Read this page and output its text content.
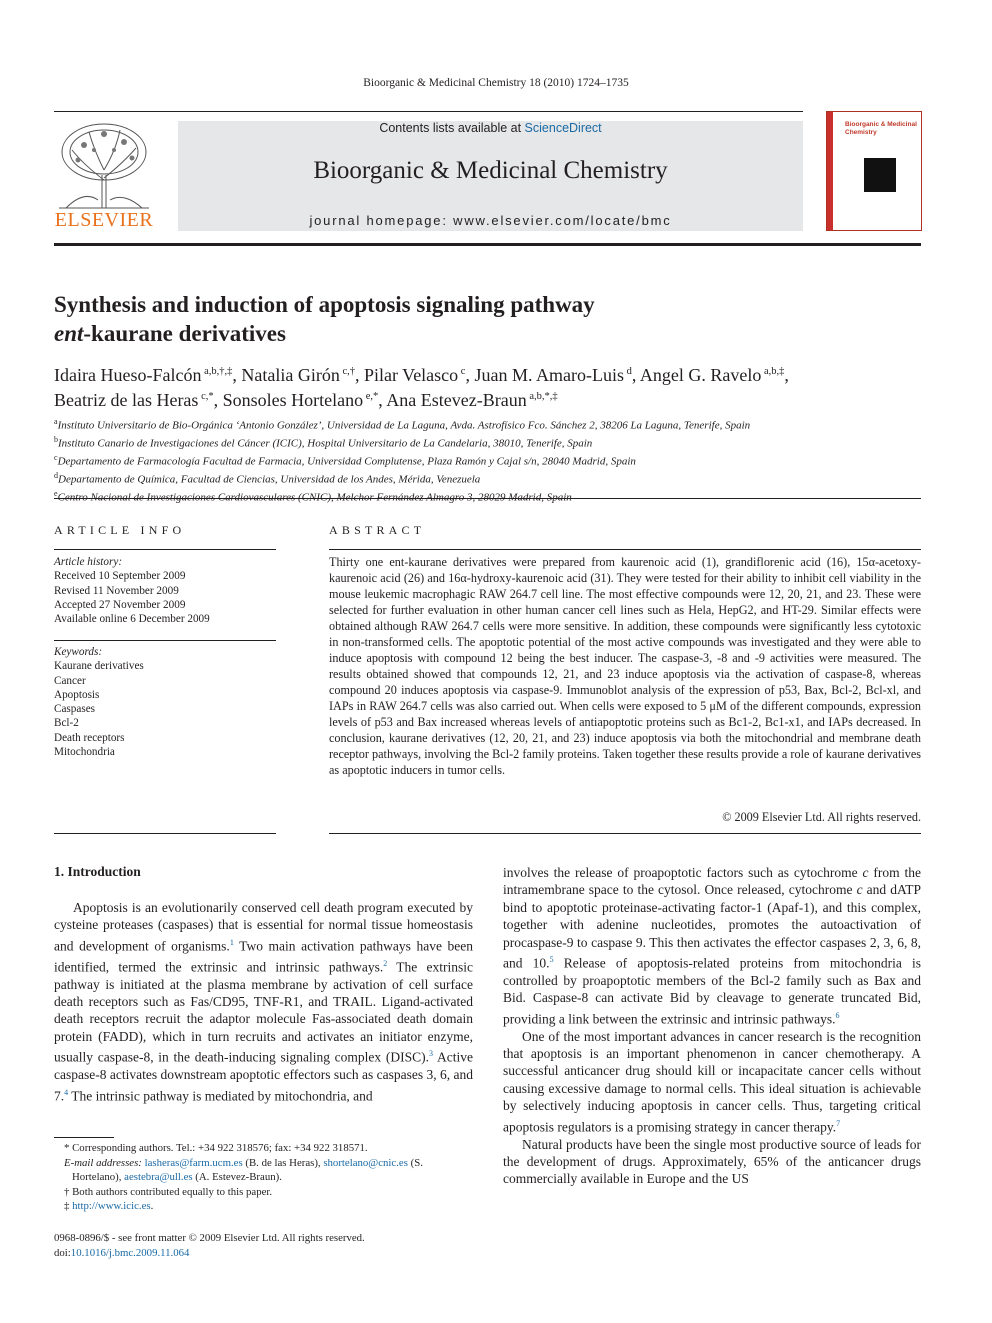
Bioorganic & Medicinal Chemistry 18 (2010) 1724–1735
ELSEVIER
Contents lists available at ScienceDirect
Bioorganic & Medicinal Chemistry
journal homepage: www.elsevier.com/locate/bmc
Bioorganic & Medicinal Chemistry
Synthesis and induction of apoptosis signaling pathway
ent-kaurane derivatives
Idaira Hueso-Falcón $^{a,b,\dagger,\ddagger}$, Natalia Girón $^{c,\dagger}$, Pilar Velasco $^c$, Juan M. Amaro-Luis $^d$, Angel G. Ravelo $^{a,b,\ddagger}$,
Beatriz de las Heras $^{c,*}$, Sonsoles Hortelano $^{e,*}$, Ana Estevez-Braun $^{a,b,*,\ddagger}$
$^a$Instituto Universitario de Bio-Orgánica ‘Antonio González’, Universidad de La Laguna, Avda. Astrofísico Fco. Sánchez 2, 38206 La Laguna, Tenerife, Spain
$^b$Instituto Canario de Investigaciones del Cáncer (ICIC), Hospital Universitario de La Candelaria, 38010, Tenerife, Spain
$^c$Departamento de Farmacología Facultad de Farmacia, Universidad Complutense, Plaza Ramón y Cajal s/n, 28040 Madrid, Spain
$^d$Departamento de Química, Facultad de Ciencias, Universidad de los Andes, Mérida, Venezuela
$^e$
ARTICLE INFO
Article history:
Received 10 September 2009
Revised 11 November 2009
Accepted 27 November 2009
Available online 6 December 2009
Keywords:
Kaurane derivatives
Cancer
Apoptosis
Caspases
Bcl-2
Death receptors
Mitochondria
ABSTRACT
Thirty one ent-kaurane derivatives were prepared from kaurenoic acid (1), grandiflorenic acid (16), 15α-acetoxy-kaurenoic acid (26) and 16α-hydroxy-kaurenoic acid (31). They were tested for their ability to inhibit cell viability in the mouse leukemic macrophagic RAW 264.7 cell line. The most effective compounds were 12, 20, 21, and 23. These were selected for further evaluation in other human cancer cell lines such as Hela, HepG2, and HT-29. Similar effects were obtained although RAW 264.7 cells were more sensitive. In addition, these compounds were significantly less cytotoxic in non-transformed cells. The apoptotic potential of the most active compounds was investigated and they were able to induce apoptosis with compound 12 being the best inducer. The caspase-3, -8 and -9 activities were measured. The results obtained showed that compounds 12, 21, and 23 induce apoptosis via the activation of caspase-8, whereas compound 20 induces apoptosis via caspase-9. Immunoblot analysis of the expression of p53, Bax, Bcl-2, Bcl-xl, and IAPs in RAW 264.7 cells was also carried out. When cells were exposed to 5 μM of the different compounds, expression levels of p53 and Bax increased whereas levels of antiapoptotic proteins such as Bc1-2, Bc1-x1, and IAPs decreased. In conclusion, kaurane derivatives (12, 20, 21, and 23) induce apoptosis via both the mitochondrial and membrane death receptor pathways, involving the Bcl-2 family proteins. Taken together these results provide a role of kaurane derivatives as apoptotic inducers in tumor cells.
© 2009 Elsevier Ltd. All rights reserved.
1. Introduction

Apoptosis is an evolutionarily conserved cell death program executed by cysteine proteases (caspases) that is essential for normal tissue homeostasis and development of organisms.$^1$ Two main activation pathways have been identified, termed the extrinsic and intrinsic pathways.$^2$ The extrinsic pathway is initiated at the plasma membrane by activation of cell surface death receptors such as Fas/CD95, TNF-R1, and TRAIL. Ligand-activated death receptors recruit the adaptor molecule Fas-associated death domain protein (FADD), which in turn recruits and activates an initiator enzyme, usually caspase-8, in the death-inducing signaling complex (DISC).$^3$ Active caspase-8 activates downstream apoptotic effectors such as caspases 3, 6, and 7.$^4$ The intrinsic pathway is mediated by mitochondria, and

involves the release of proapoptotic factors such as cytochrome c from the intramembrane space to the cytosol. Once released, cytochrome c and dATP bind to apoptotic proteinase-activating factor-1 (Apaf-1), and this complex, together with adenine nucleotides, promotes the autoactivation of procaspase-9 to caspase 9. This then activates the effector caspases 2, 3, 6, 8, and 10.$^5$ Release of apoptosis-related proteins from mitochondria is controlled by proapoptotic members of the Bcl-2 family such as Bax and Bid. Caspase-8 can activate Bid by cleavage to generate truncated Bid, providing a link between the extrinsic and intrinsic pathways.$^6$

One of the most important advances in cancer research is the recognition that apoptosis is an important phenomenon in cancer chemotherapy. A successful anticancer drug should kill or incapacitate cancer cells without causing excessive damage to normal cells. This ideal situation is achievable by selectively inducing apoptosis in cancer cells. Thus, targeting critical apoptosis regulators is a promising strategy in cancer therapy.$^7$

Natural products have been the single most productive source of leads for the development of drugs. Approximately, 65% of the anticancer drugs commercially available in Europe and the US

* Corresponding authors. Tel.: +34 922 318576; fax: +34 922 318571.
E-mail addresses: lasheras@farm.ucm.es (B. de las Heras), shortelano@cnic.es (S. Hortelano), aestebra@ull.es (A. Estevez-Braun).
† Both authors contributed equally to this paper.
‡ http://www.icic.es.
0968-0896/$ - see front matter © 2009 Elsevier Ltd. All rights reserved.
doi:10.1016/j.bmc.2009.11.064
